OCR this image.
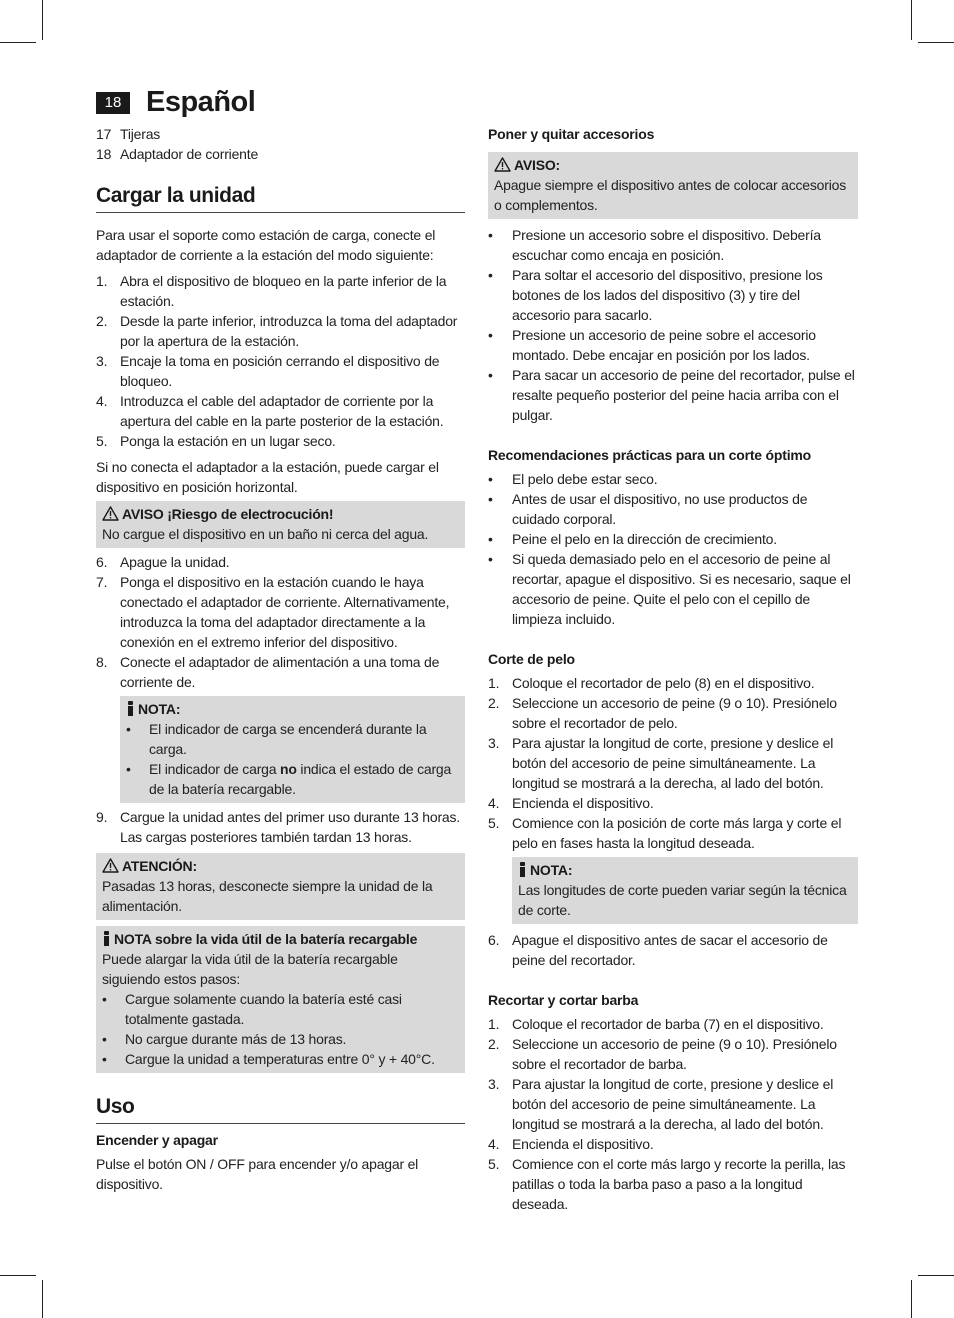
18 Español
17 Tijeras
18 Adaptador de corriente
Cargar la unidad

Para usar el soporte como estación de carga, conecte el adaptador de corriente a la estación del modo siguiente:

1. Abra el dispositivo de bloqueo en la parte inferior de la estación.
2. Desde la parte inferior, introduzca la toma del adaptador por la apertura de la estación.
3. Encaje la toma en posición cerrando el dispositivo de bloqueo.
4. Introduzca el cable del adaptador de corriente por la apertura del cable en la parte posterior de la estación.
5. Ponga la estación en un lugar seco.

Si no conecta el adaptador a la estación, puede cargar el dispositivo en posición horizontal.

AVISO ¡Riesgo de electrocución!

No cargue el dispositivo en un baño ni cerca del agua.

6. Apague la unidad.
7. Ponga el dispositivo en la estación cuando le haya conectado el adaptador de corriente. Alternativamente, introduzca la toma del adaptador directamente a la conexión en el extremo inferior del dispositivo.
8. Conecte el adaptador de alimentación a una toma de corriente de.
NOTA:
•	El indicador de carga se encenderá durante la carga.
•	El indicador de carga no indica el estado de carga de la batería recargable.
9. Cargue la unidad antes del primer uso durante 13 horas. Las cargas posteriores también tardan 13 horas.
ATENCIÓN:

Pasadas 13 horas, desconecte siempre la unidad de la alimentación.

NOTA sobre la vida útil de la batería recargable

Puede alargar la vida útil de la batería recargable siguiendo estos pasos:

•	Cargue solamente cuando la batería esté casi totalmente gastada.
•	No cargue durante más de 13 horas.
•	Cargue la unidad a temperaturas entre 0° y + 40°C.
Uso
Encender y apagar

Pulse el botón ON / OFF para encender y/o apagar el dispositivo.

Poner y quitar accesorios
AVISO:

Apague siempre el dispositivo antes de colocar accesorios o complementos.

•	Presione un accesorio sobre el dispositivo. Debería escuchar como encaja en posición.
•	Para soltar el accesorio del dispositivo, presione los botones de los lados del dispositivo (3) y tire del accesorio para sacarlo.
•	Presione un accesorio de peine sobre el accesorio montado. Debe encajar en posición por los lados.
•	Para sacar un accesorio de peine del recortador, pulse el resalte pequeño posterior del peine hacia arriba con el pulgar.
Recomendaciones prácticas para un corte óptimo
•	El pelo debe estar seco.
•	Antes de usar el dispositivo, no use productos de cuidado corporal.
•	Peine el pelo en la dirección de crecimiento.
•	Si queda demasiado pelo en el accesorio de peine al recortar, apague el dispositivo. Si es necesario, saque el accesorio de peine. Quite el pelo con el cepillo de limpieza incluido.
Corte de pelo
1. Coloque el recortador de pelo (8) en el dispositivo.
2. Seleccione un accesorio de peine (9 o 10). Presiónelo sobre el recortador de pelo.
3. Para ajustar la longitud de corte, presione y deslice el botón del accesorio de peine simultáneamente. La longitud se mostrará a la derecha, al lado del botón.
4. Encienda el dispositivo.
5. Comience con la posición de corte más larga y corte el pelo en fases hasta la longitud deseada.
NOTA:

Las longitudes de corte pueden variar según la técnica de corte.

6. Apague el dispositivo antes de sacar el accesorio de peine del recortador.
Recortar y cortar barba
1. Coloque el recortador de barba (7) en el dispositivo.
2. Seleccione un accesorio de peine (9 o 10). Presiónelo sobre el recortador de barba.
3. Para ajustar la longitud de corte, presione y deslice el botón del accesorio de peine simultáneamente. La longitud se mostrará a la derecha, al lado del botón.
4. Encienda el dispositivo.
5. Comience con el corte más largo y recorte la perilla, las patillas o toda la barba paso a paso a la longitud deseada.
